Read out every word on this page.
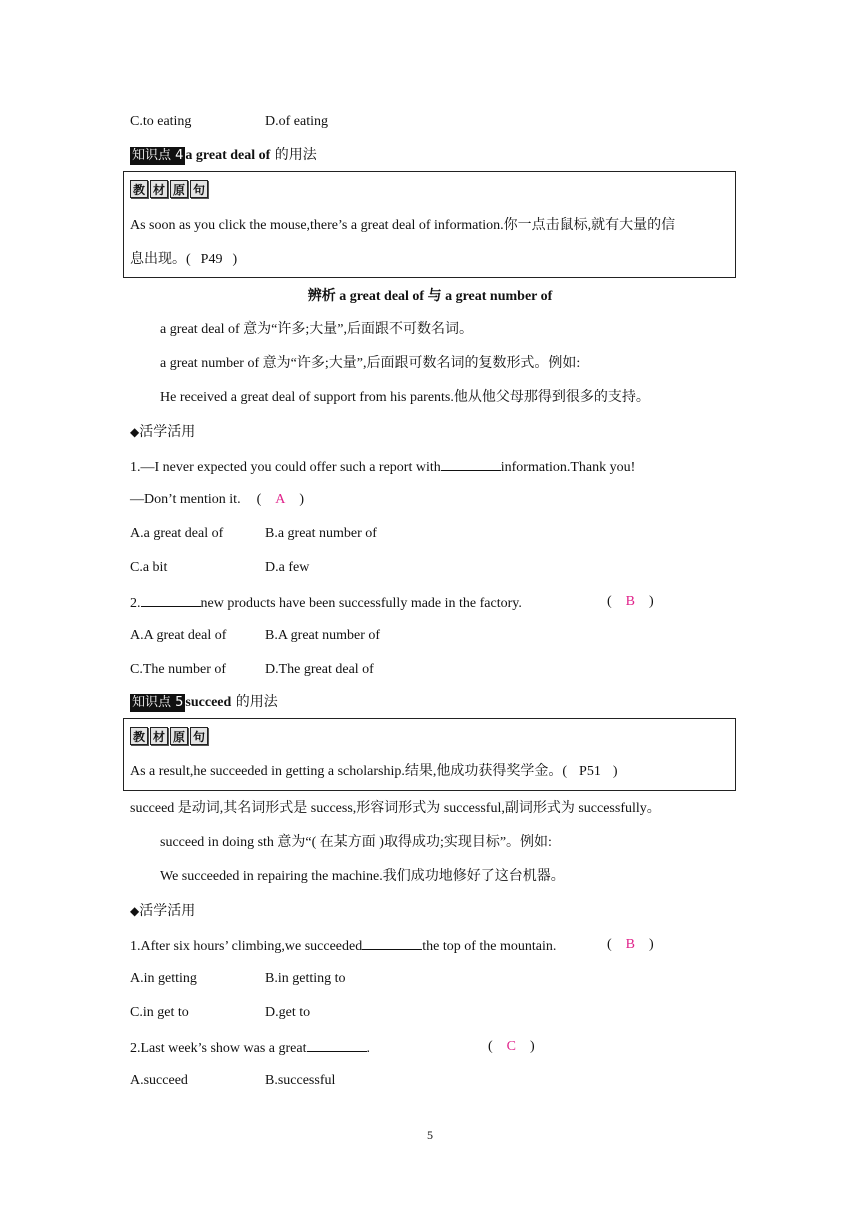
C.to eating	D.of eating
知识点 4 a great deal of 的用法
教 材 原 句
As soon as you click the mouse,there’s a great deal of information.你一点击鼠标,就有大量的信
息出现。( P49 )
辨析 a great deal of 与 a great number of
a great deal of 意为“许多;大量”,后面跟不可数名词。
a great number of 意为“许多;大量”,后面跟可数名词的复数形式。例如:
He received a great deal of support from his parents.他从他父母那得到很多的支持。
◆活学活用
1.—I never expected you could offer such a report with	information.Thank you!
—Don’t mention it. ( A )
A.a great deal of	B.a great number of
C.a bit	D.a few
2.	new products have been successfully made in the factory.	( B )
A.A great deal of	B.A great number of
C.The number of	D.The great deal of
知识点 5 succeed 的用法
教 材 原 句
As a result,he succeeded in getting a scholarship.结果,他成功获得奖学金。( P51 )
succeed 是动词,其名词形式是 success,形容词形式为 successful,副词形式为 successfully。
succeed in doing sth 意为“( 在某方面 )取得成功;实现目标”。例如:
We succeeded in repairing the machine.我们成功地修好了这台机器。
◆活学活用
1.After six hours’ climbing,we succeeded	the top of the mountain.	( B )
A.in getting	B.in getting to
C.in get to	D.get to
2.Last week’s show was a great	.	( C )
A.succeed	B.successful
5
